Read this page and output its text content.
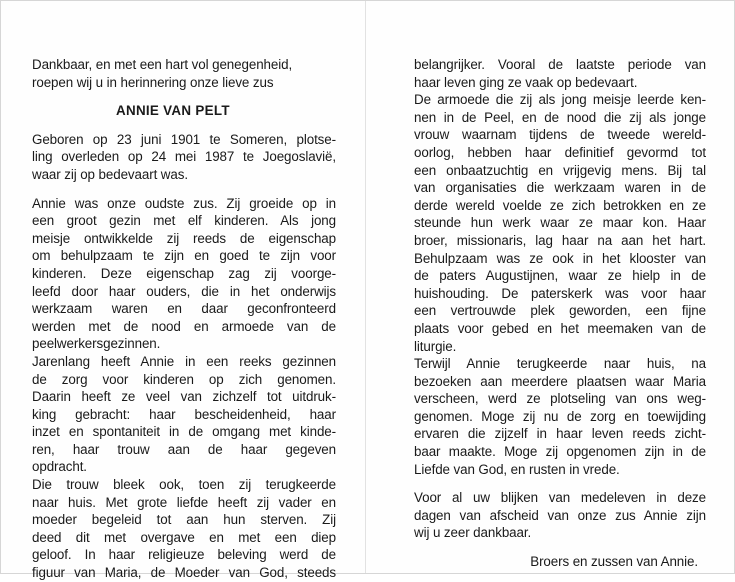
Dankbaar, en met een hart vol genegenheid,
roepen wij u in herinnering onze lieve zus
ANNIE VAN PELT
Geboren op 23 juni 1901 te Someren, plotse-
ling overleden op 24 mei 1987 te Joegoslavië,
waar zij op bedevaart was.
Annie was onze oudste zus. Zij groeide op in
een groot gezin met elf kinderen. Als jong
meisje ontwikkelde zij reeds de eigenschap
om behulpzaam te zijn en goed te zijn voor
kinderen. Deze eigenschap zag zij voorge-
leefd door haar ouders, die in het onderwijs
werkzaam waren en daar geconfronteerd
werden met de nood en armoede van de
peelwerkersgezinnen.
Jarenlang heeft Annie in een reeks gezinnen
de zorg voor kinderen op zich genomen.
Daarin heeft ze veel van zichzelf tot uitdruk-
king gebracht: haar bescheidenheid, haar
inzet en spontaniteit in de omgang met kinde-
ren, haar trouw aan de haar gegeven
opdracht.
Die trouw bleek ook, toen zij terugkeerde
naar huis. Met grote liefde heeft zij vader en
moeder begeleid tot aan hun sterven. Zij
deed dit met overgave en met een diep
geloof. In haar religieuze beleving werd de
figuur van Maria, de Moeder van God, steeds
belangrijker. Vooral de laatste periode van
haar leven ging ze vaak op bedevaart.
De armoede die zij als jong meisje leerde ken-
nen in de Peel, en de nood die zij als jonge
vrouw waarnam tijdens de tweede wereld-
oorlog, hebben haar definitief gevormd tot
een onbaatzuchtig en vrijgevig mens. Bij tal
van organisaties die werkzaam waren in de
derde wereld voelde ze zich betrokken en ze
steunde hun werk waar ze maar kon. Haar
broer, missionaris, lag haar na aan het hart.
Behulpzaam was ze ook in het klooster van
de paters Augustijnen, waar ze hielp in de
huishouding. De paterskerk was voor haar
een vertrouwde plek geworden, een fijne
plaats voor gebed en het meemaken van de
liturgie.
Terwijl Annie terugkeerde naar huis, na
bezoeken aan meerdere plaatsen waar Maria
verscheen, werd ze plotseling van ons weg-
genomen. Moge zij nu de zorg en toewijding
ervaren die zijzelf in haar leven reeds zicht-
baar maakte. Moge zij opgenomen zijn in de
Liefde van God, en rusten in vrede.
Voor al uw blijken van medeleven in deze
dagen van afscheid van onze zus Annie zijn
wij u zeer dankbaar.
Broers en zussen van Annie.
